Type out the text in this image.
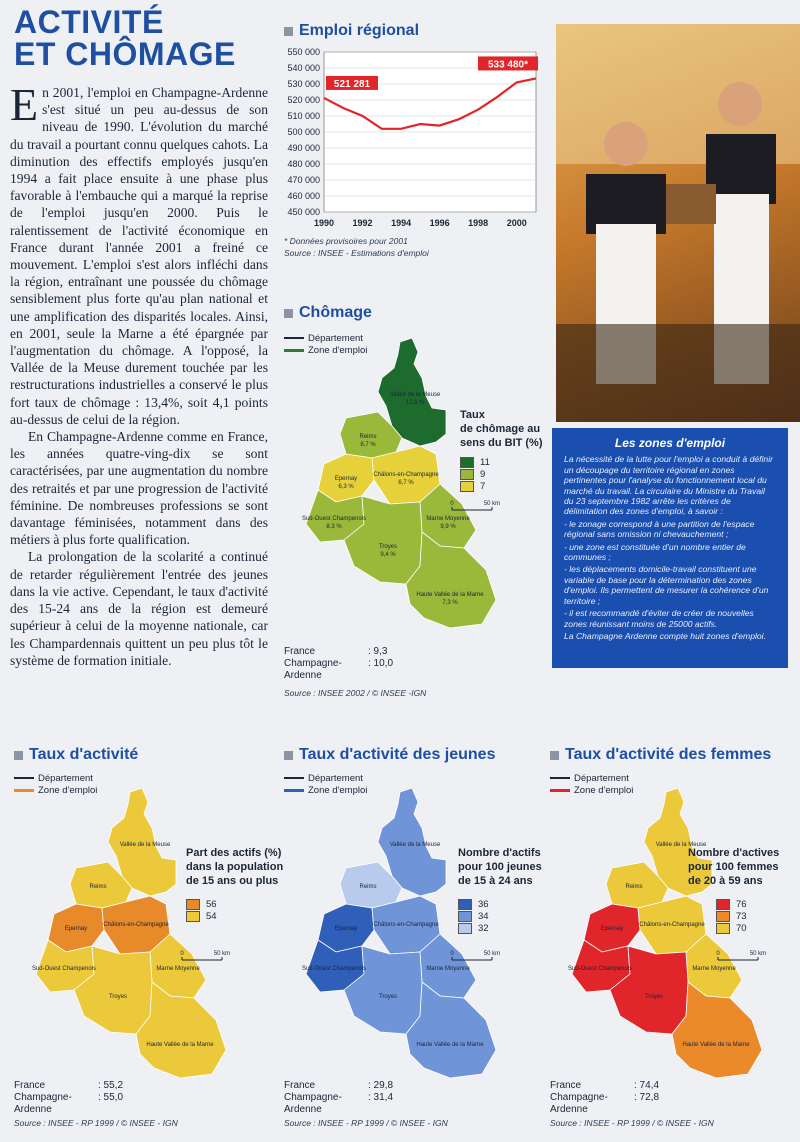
ACTIVITÉ
ET CHÔMAGE

E n 2001, l'emploi en Champagne-Ardenne s'est situé un peu au-dessus de son niveau de 1990. L'évolution du marché du travail a pourtant connu quelques cahots. La diminution des effectifs employés jusqu'en 1994 a fait place ensuite à une phase plus favorable à l'embauche qui a marqué la reprise de l'emploi jusqu'en 2000. Puis le ralentissement de l'activité économique en France durant l'année 2001 a freiné ce mouvement. L'emploi s'est alors infléchi dans la région, entraînant une poussée du chômage sensiblement plus forte qu'au plan national et une amplification des disparités locales. Ainsi, en 2001, seule la Marne a été épargnée par l'augmentation du chômage. A l'opposé, la Vallée de la Meuse durement touchée par les restructurations industrielles a conservé le plus fort taux de chômage : 13,4%, soit 4,1 points au-dessus de celui de la région.

En Champagne-Ardenne comme en France, les années quatre-ving-dix se sont caractérisées, par une augmentation du nombre des retraités et par une progression de l'activité féminine. De nombreuses professions se sont davantage féminisées, notamment dans des métiers à plus forte qualification.

La prolongation de la scolarité a continué de retarder régulièrement l'entrée des jeunes dans la vie active. Cependant, le taux d'activité des 15-24 ans de la région est demeuré supérieur à celui de la moyenne nationale, car les Champardennais quittent un peu plus tôt le système de formation initiale.

Emploi régional
450 000
460 000
470 000
480 000
490 000
500 000
510 000
520 000
530 000
540 000
550 000
1990 1992 1994 1996 1998 2000
521 281
533 480*
* Données provisoires pour 2001
Source : INSEE - Estimations d'emploi
Chômage
Département
Zone d'emploi
Vallée de la Meuse
12,6 %
Reims
8,7 %
Epernay
6,3 %
Châlons-en-Champagne
6,7 %
Sud-Ouest Champenois
8,3 %
Marne Moyenne
9,9 %
Troyes
9,4 %
Haute Vallée de la Marne
7,3 %
0	50 km
Taux
de chômage au
sens du BIT (%)
11
9
7
France	: 9,3
Champagne-Ardenne
: 10,0
Source : INSEE 2002 / © INSEE -IGN
Les zones d'emploi
La nécessité de la lutte pour l'emploi a conduit à définir un découpage du territoire régional en zones pertinentes pour l'analyse du fonctionnement local du marché du travail. La circulaire du Ministre du Travail du 23 septembre 1982 arrête les critères de délimitation des zones d'emploi, à savoir :
- le zonage correspond à une partition de l'espace régional sans omission ni chevauchement ;
- une zone est constituée d'un nombre entier de communes ;
- les déplacements domicile-travail constituent une variable de base pour la détermination des zones d'emploi. Ils permettent de mesurer la cohérence d'un territoire ;
- il est recommandé d'éviter de créer de nouvelles zones réunissant moins de 25000 actifs.
La Champagne Ardenne compte huit zones d'emploi.
Taux d'activité
Département
Zone d'emploi
Vallée de la Meuse
Reims
Epernay
Châlons-en-Champagne
Sud-Ouest Champenois	Marne Moyenne
Troyes
Haute Vallée de la Marne
0	50 km
Part des actifs (%)
dans la population
de 15 ans ou plus
56
54
France	: 55,2
Champagne-Ardenne
: 55,0
Source : INSEE - RP 1999 / © INSEE - IGN
Taux d'activité des jeunes
Département
Zone d'emploi
Vallée de la Meuse
Reims
Epernay
Châlons-en-Champagne
Sud-Ouest Champenois	Marne Moyenne
Troyes
Haute Vallée de la Marne
0	50 km
Nombre d'actifs
pour 100 jeunes
de 15 à 24 ans
36
34
32
France	: 29,8
Champagne-Ardenne
: 31,4
Source : INSEE - RP 1999 / © INSEE - IGN
Taux d'activité des femmes
Département
Zone d'emploi
Vallée de la Meuse
Reims
Epernay
Châlons-en-Champagne
Sud-Ouest Champenois	Marne Moyenne
Troyes
Haute Vallée de la Marne
0	50 km
Nombre d'actives
pour 100 femmes
de 20 à 59 ans
76
73
70
France	: 74,4
Champagne-Ardenne
: 72,8
Source : INSEE - RP 1999 / © INSEE - IGN
